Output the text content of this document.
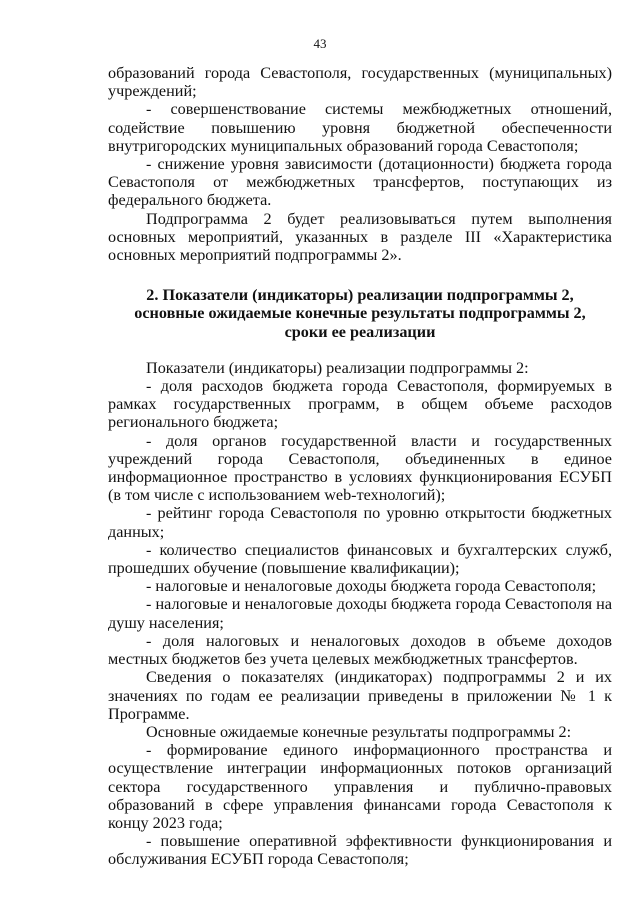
43

образований города Севастополя, государственных (муниципальных) учреждений;

- совершенствование системы межбюджетных отношений, содействие повышению уровня бюджетной обеспеченности внутригородских муниципальных образований города Севастополя;

- снижение уровня зависимости (дотационности) бюджета города Севастополя от межбюджетных трансфертов, поступающих из федерального бюджета.

Подпрограмма 2 будет реализовываться путем выполнения основных мероприятий, указанных в разделе III «Характеристика основных мероприятий подпрограммы 2».

2. Показатели (индикаторы) реализации подпрограммы 2,
основные ожидаемые конечные результаты подпрограммы 2,
сроки ее реализации

Показатели (индикаторы) реализации подпрограммы 2:

- доля расходов бюджета города Севастополя, формируемых в рамках государственных программ, в общем объеме расходов регионального бюджета;

- доля органов государственной власти и государственных учреждений города Севастополя, объединенных в единое информационное пространство в условиях функционирования ЕСУБП (в том числе с использованием web-технологий);

- рейтинг города Севастополя по уровню открытости бюджетных данных;

- количество специалистов финансовых и бухгалтерских служб, прошедших обучение (повышение квалификации);

- налоговые и неналоговые доходы бюджета города Севастополя;

- налоговые и неналоговые доходы бюджета города Севастополя на душу населения;

- доля налоговых и неналоговых доходов в объеме доходов местных бюджетов без учета целевых межбюджетных трансфертов.

Сведения о показателях (индикаторах) подпрограммы 2 и их значениях по годам ее реализации приведены в приложении № 1 к Программе.

Основные ожидаемые конечные результаты подпрограммы 2:

- формирование единого информационного пространства и осуществление интеграции информационных потоков организаций сектора государственного управления и публично-правовых образований в сфере управления финансами города Севастополя к концу 2023 года;

- повышение оперативной эффективности функционирования и обслуживания ЕСУБП города Севастополя;
